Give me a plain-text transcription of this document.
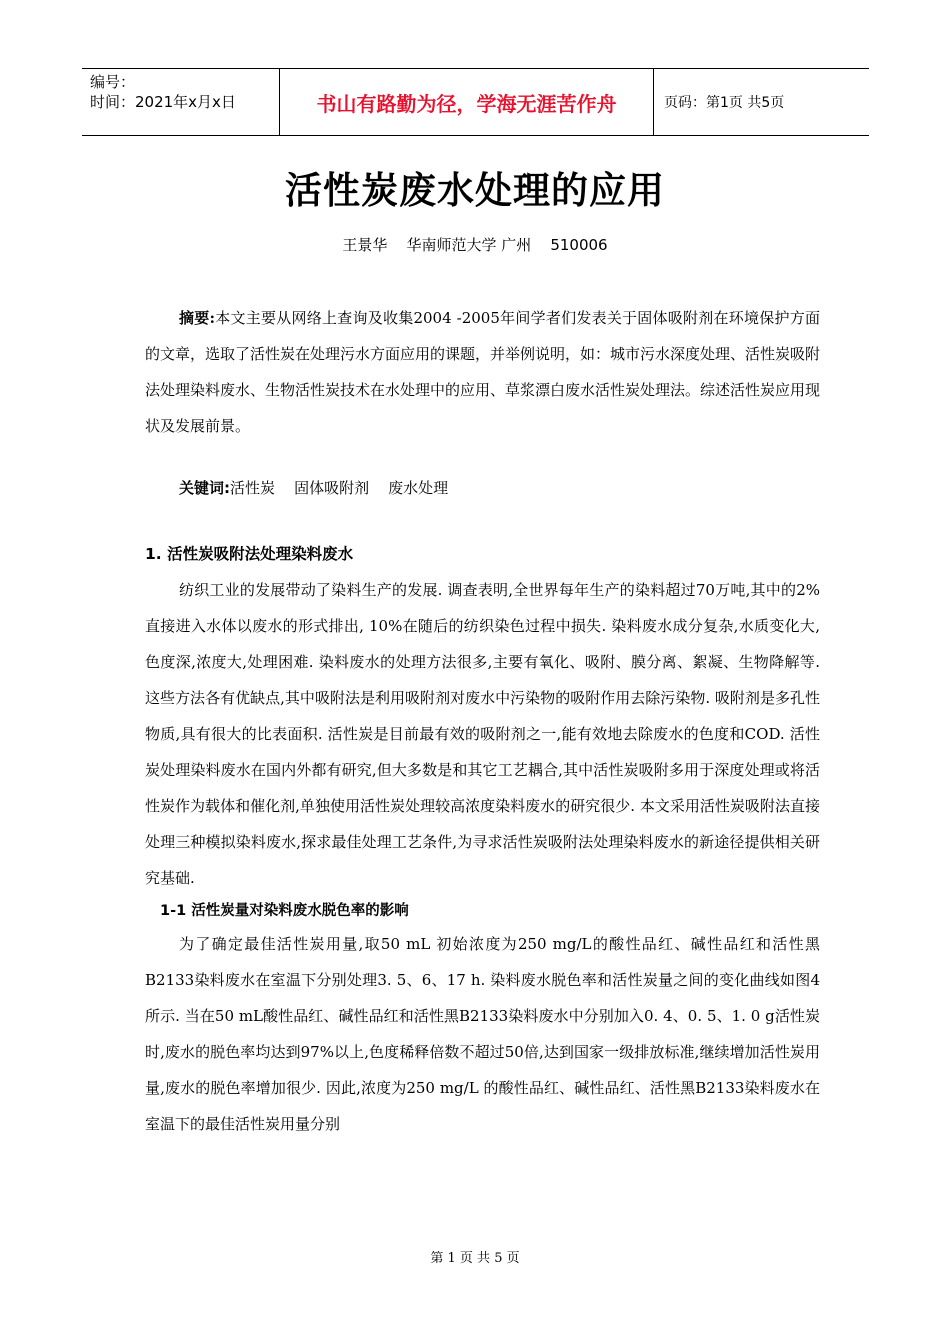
编号：
时间：2021年x月x日	书山有路勤为径，学海无涯苦作舟	页码：第1页 共5页
活性炭废水处理的应用
王景华    华南师范大学 广州    510006

摘要:本文主要从网络上查询及收集2004 -2005年间学者们发表关于固体吸附剂在环境保护方面的文章，选取了活性炭在处理污水方面应用的课题，并举例说明，如：城市污水深度处理、活性炭吸附法处理染料废水、生物活性炭技术在水处理中的应用、草浆漂白废水活性炭处理法。综述活性炭应用现状及发展前景。

关键词:活性炭    固体吸附剂    废水处理

1. 活性炭吸附法处理染料废水

纺织工业的发展带动了染料生产的发展. 调查表明,全世界每年生产的染料超过70万吨,其中的2%直接进入水体以废水的形式排出, 10%在随后的纺织染色过程中损失. 染料废水成分复杂,水质变化大,色度深,浓度大,处理困难. 染料废水的处理方法很多,主要有氧化、吸附、膜分离、絮凝、生物降解等. 这些方法各有优缺点,其中吸附法是利用吸附剂对废水中污染物的吸附作用去除污染物. 吸附剂是多孔性物质,具有很大的比表面积. 活性炭是目前最有效的吸附剂之一,能有效地去除废水的色度和COD. 活性炭处理染料废水在国内外都有研究,但大多数是和其它工艺耦合,其中活性炭吸附多用于深度处理或将活性炭作为载体和催化剂,单独使用活性炭处理较高浓度染料废水的研究很少. 本文采用活性炭吸附法直接处理三种模拟染料废水,探求最佳处理工艺条件,为寻求活性炭吸附法处理染料废水的新途径提供相关研究基础.

1-1 活性炭量对染料废水脱色率的影响

为了确定最佳活性炭用量,取50 mL 初始浓度为250 mg/L的酸性品红、碱性品红和活性黑B2133染料废水在室温下分别处理3. 5、6、17 h. 染料废水脱色率和活性炭量之间的变化曲线如图4所示. 当在50 mL酸性品红、碱性品红和活性黑B2133染料废水中分别加入0. 4、0. 5、1. 0 g活性炭时,废水的脱色率均达到97%以上,色度稀释倍数不超过50倍,达到国家一级排放标准,继续增加活性炭用量,废水的脱色率增加很少. 因此,浓度为250 mg/L 的酸性品红、碱性品红、活性黑B2133染料废水在室温下的最佳活性炭用量分别

第 1 页 共 5 页
